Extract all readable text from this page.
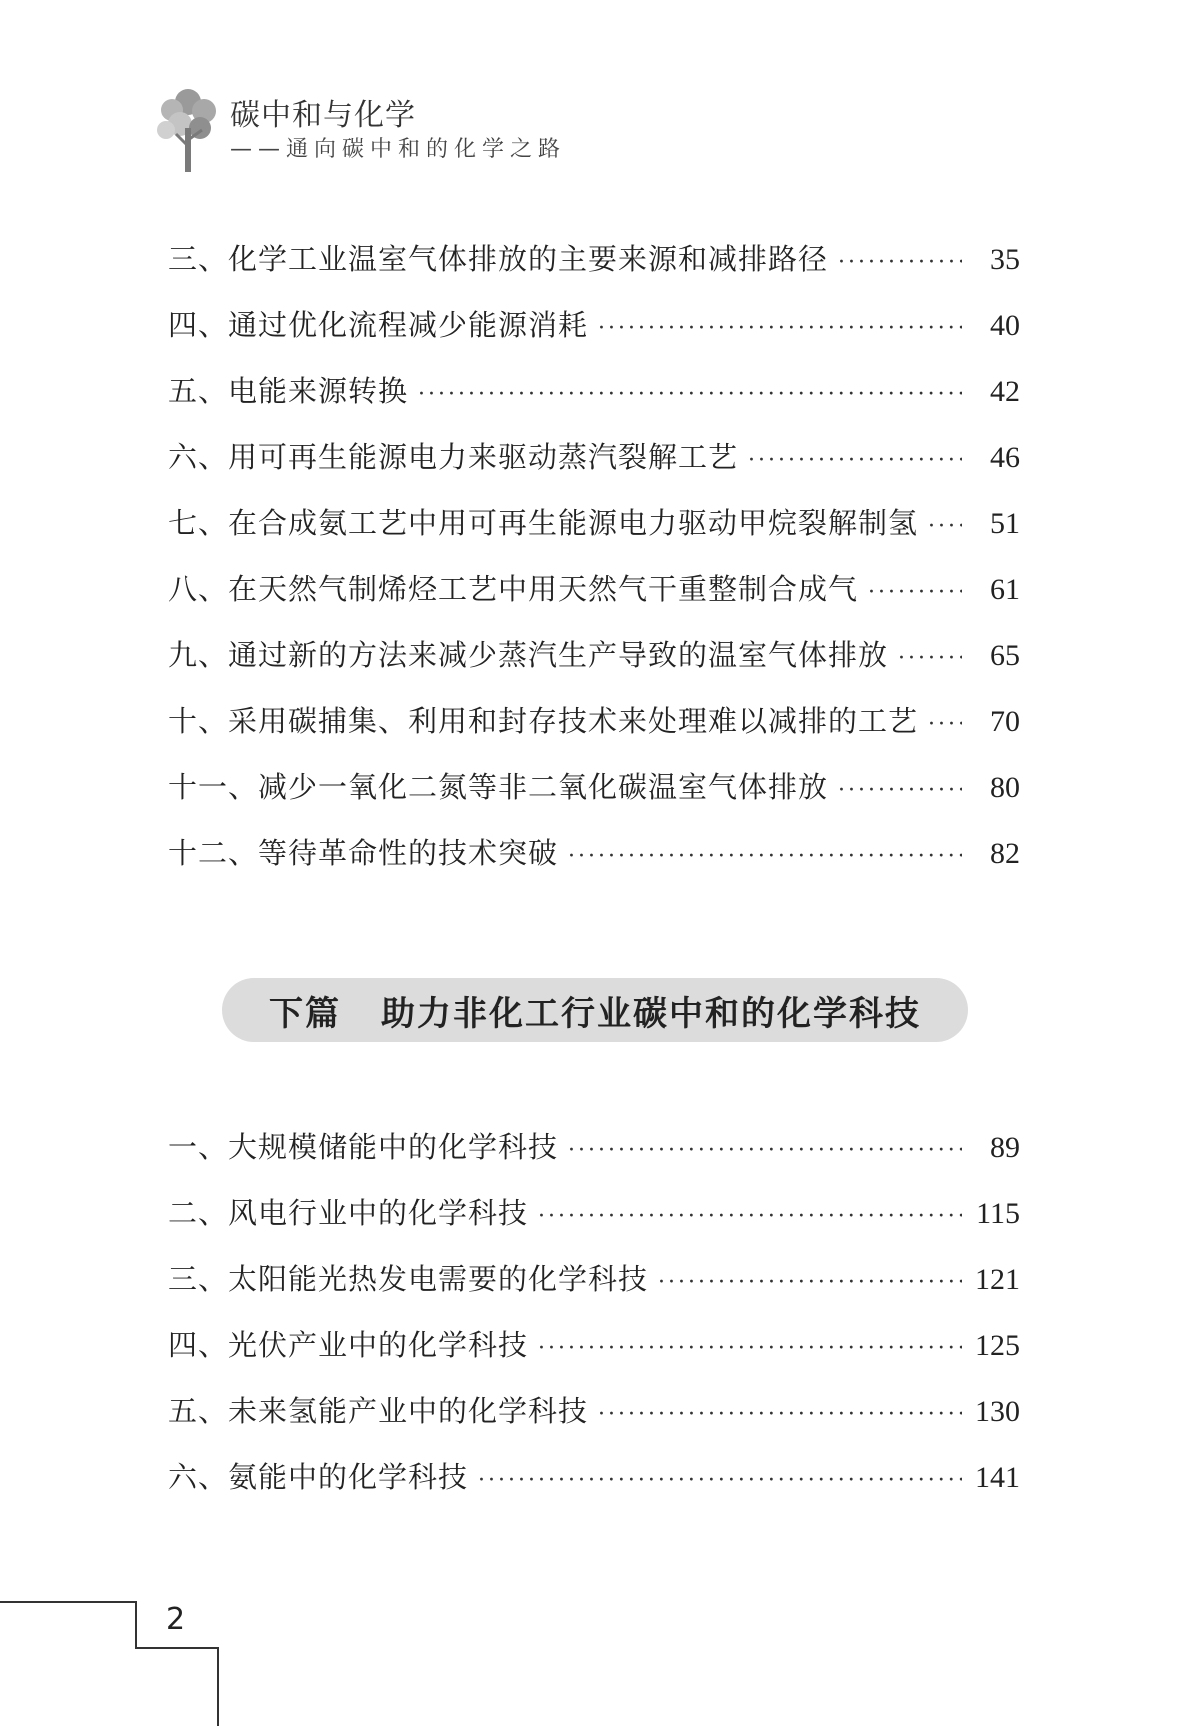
碳中和与化学
——通向碳中和的化学之路
三、化学工业温室气体排放的主要来源和减排路径 ·····	35
四、通过优化流程减少能源消耗 ·····	40
五、电能来源转换 ·····	42
六、用可再生能源电力来驱动蒸汽裂解工艺 ·····	46
七、在合成氨工艺中用可再生能源电力驱动甲烷裂解制氢 ·····	51
八、在天然气制烯烃工艺中用天然气干重整制合成气 ·····	61
九、通过新的方法来减少蒸汽生产导致的温室气体排放 ·····	65
十、采用碳捕集、利用和封存技术来处理难以减排的工艺 ·····	70
十一、减少一氧化二氮等非二氧化碳温室气体排放 ·····	80
十二、等待革命性的技术突破 ·····	82
下篇 助力非化工行业碳中和的化学科技
一、大规模储能中的化学科技 ·····	89
二、风电行业中的化学科技 ·····	115
三、太阳能光热发电需要的化学科技 ·····	121
四、光伏产业中的化学科技 ·····	125
五、未来氢能产业中的化学科技 ·····	130
六、氨能中的化学科技 ·····	141
2
